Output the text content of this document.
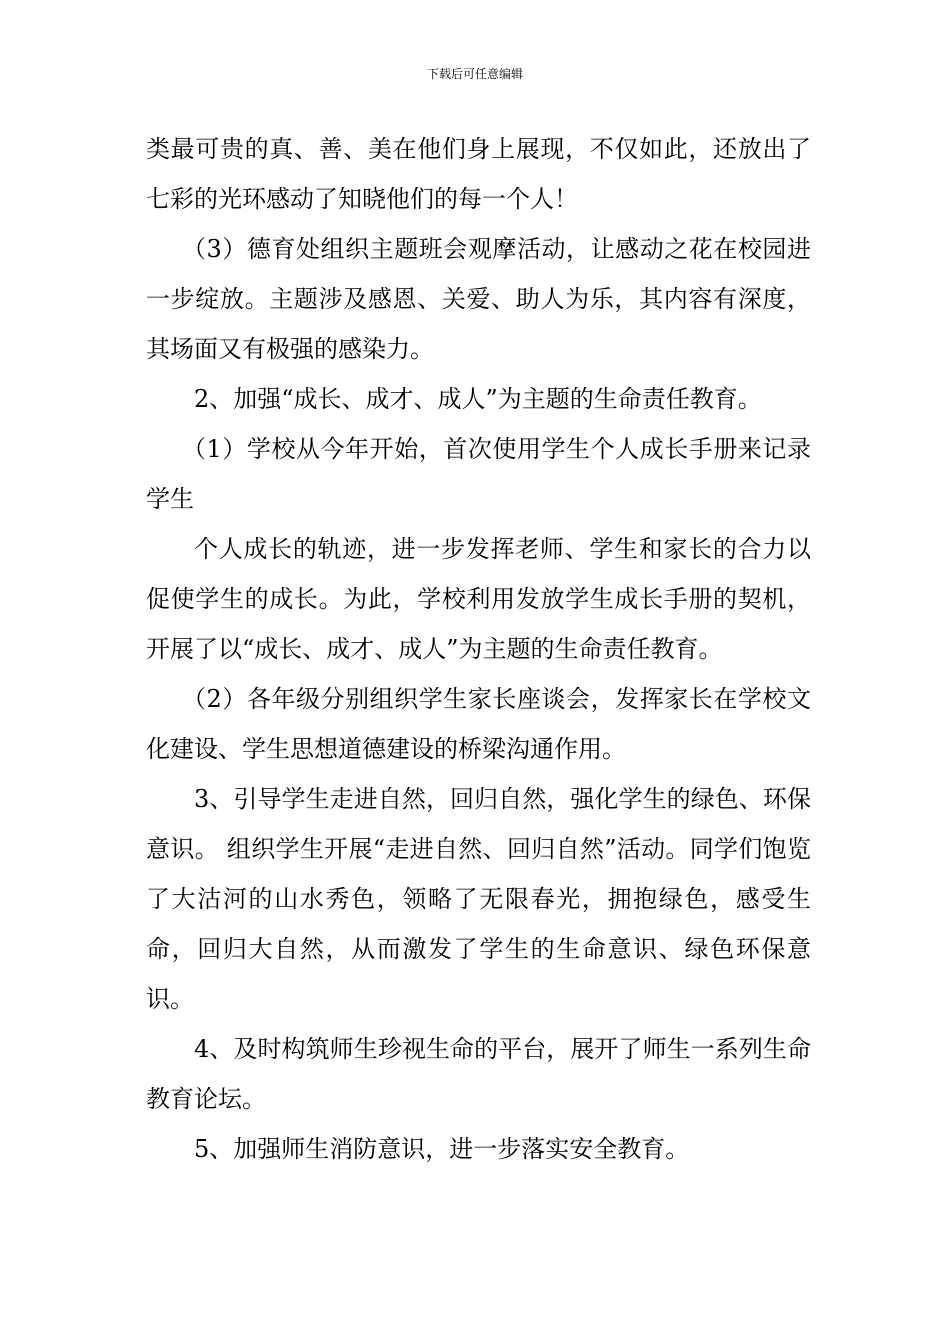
下载后可任意编辑

类最可贵的真、善、美在他们身上展现，不仅如此，还放出了七彩的光环感动了知晓他们的每一个人！

（3）德育处组织主题班会观摩活动，让感动之花在校园进一步绽放。主题涉及感恩、关爱、助人为乐，其内容有深度，其场面又有极强的感染力。

2、加强“成长、成才、成人”为主题的生命责任教育。

（1）学校从今年开始，首次使用学生个人成长手册来记录学生

个人成长的轨迹，进一步发挥老师、学生和家长的合力以促使学生的成长。为此，学校利用发放学生成长手册的契机，开展了以“成长、成才、成人”为主题的生命责任教育。

（2）各年级分别组织学生家长座谈会，发挥家长在学校文化建设、学生思想道德建设的桥梁沟通作用。

3、引导学生走进自然，回归自然，强化学生的绿色、环保意识。 组织学生开展“走进自然、回归自然”活动。同学们饱览了大沽河的山水秀色，领略了无限春光，拥抱绿色，感受生命，回归大自然，从而激发了学生的生命意识、绿色环保意识。

4、及时构筑师生珍视生命的平台，展开了师生一系列生命教育论坛。

5、加强师生消防意识，进一步落实安全教育。
